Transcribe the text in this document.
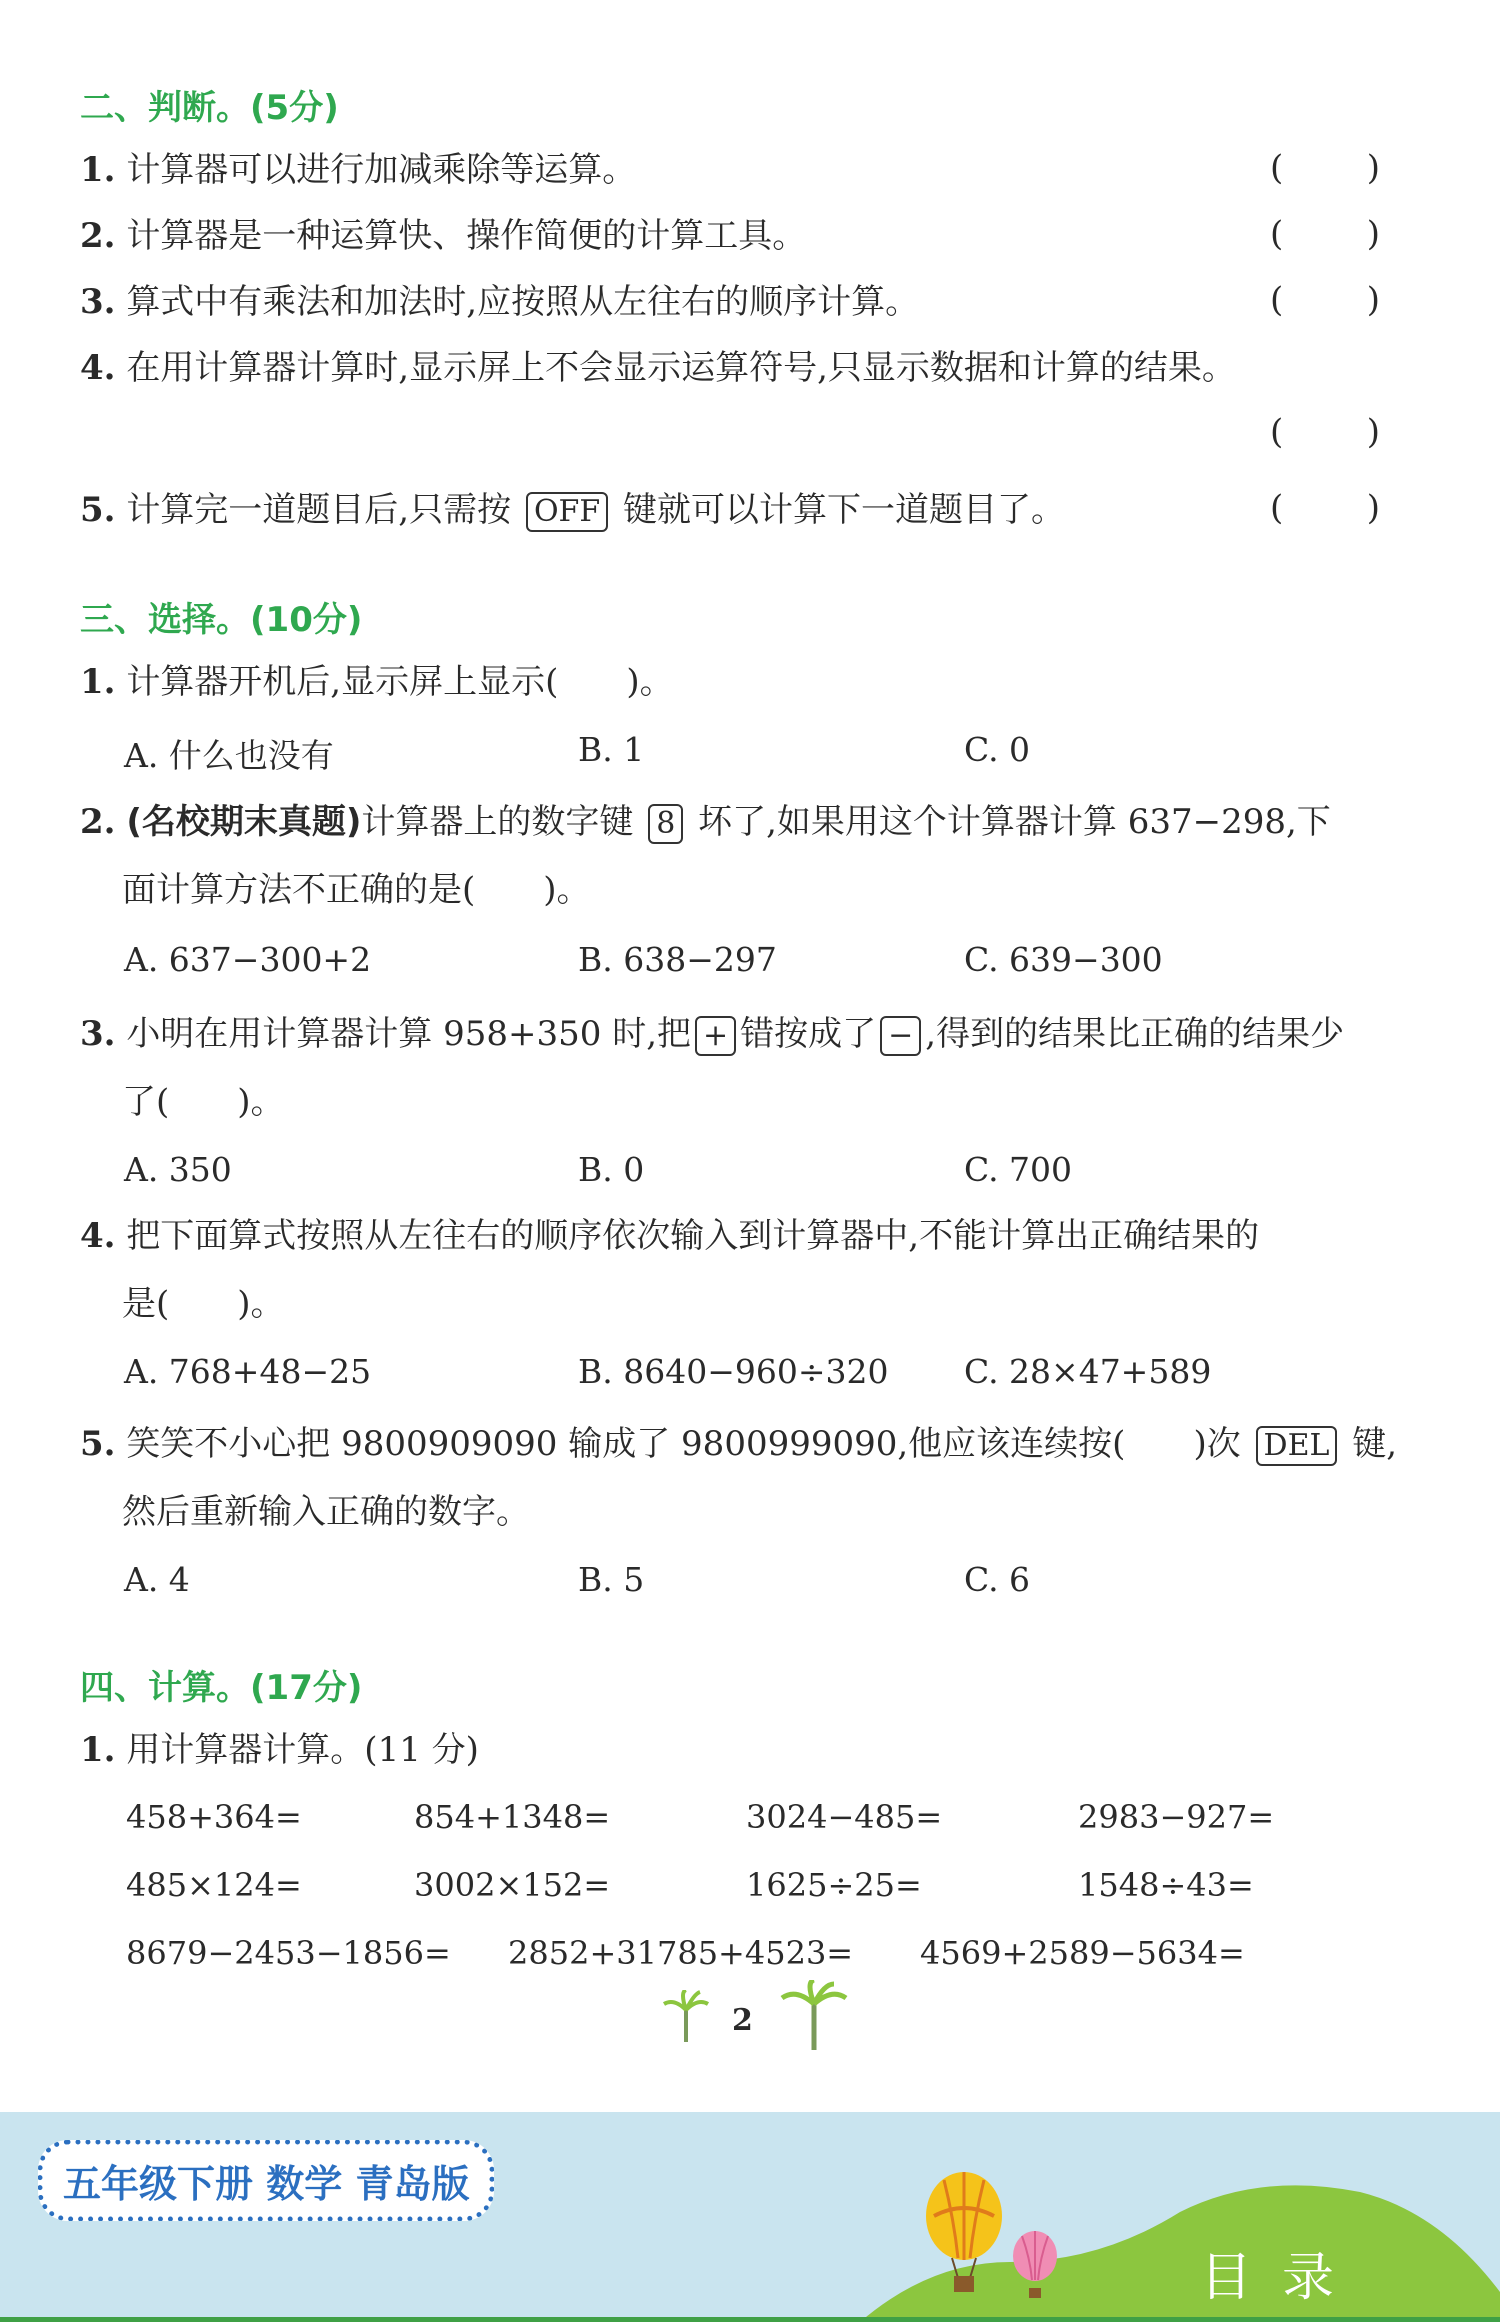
二、判断。(5分)
1. 计算器可以进行加减乘除等运算。	( )
2. 计算器是一种运算快、操作简便的计算工具。	( )
3. 算式中有乘法和加法时,应按照从左往右的顺序计算。	( )
4. 在用计算器计算时,显示屏上不会显示运算符号,只显示数据和计算的结果。
( )
5. 计算完一道题目后,只需按 OFF 键就可以计算下一道题目了。	( )
三、选择。(10分)
1. 计算器开机后,显示屏上显示(　　)。
A. 什么也没有	B. 1	C. 0
2. (名校期末真题)计算器上的数字键 8 坏了,如果用这个计算器计算 637−298,下
面计算方法不正确的是(　　)。
A. 637−300+2	B. 638−297	C. 639−300
3. 小明在用计算器计算 958+350 时,把 + 错按成了 − ,得到的结果比正确的结果少
了(　　)。
A. 350	B. 0	C. 700
4. 把下面算式按照从左往右的顺序依次输入到计算器中,不能计算出正确结果的
是(　　)。
A. 768+48−25	B. 8640−960÷320 C. 28×47+589
5. 笑笑不小心把 9800909090 输成了 9800999090,他应该连续按(　　)次 DEL 键,
然后重新输入正确的数字。
A. 4	B. 5	C. 6
四、计算。(17分)
1. 用计算器计算。(11 分)
458+364=	854+1348=	3024−485=	2983−927=
485×124=	3002×152=	1625÷25=	1548÷43=
8679−2453−1856= 2852+31785+4523= 4569+2589−5634=
2
五年级下册 数学 青岛版
目录
